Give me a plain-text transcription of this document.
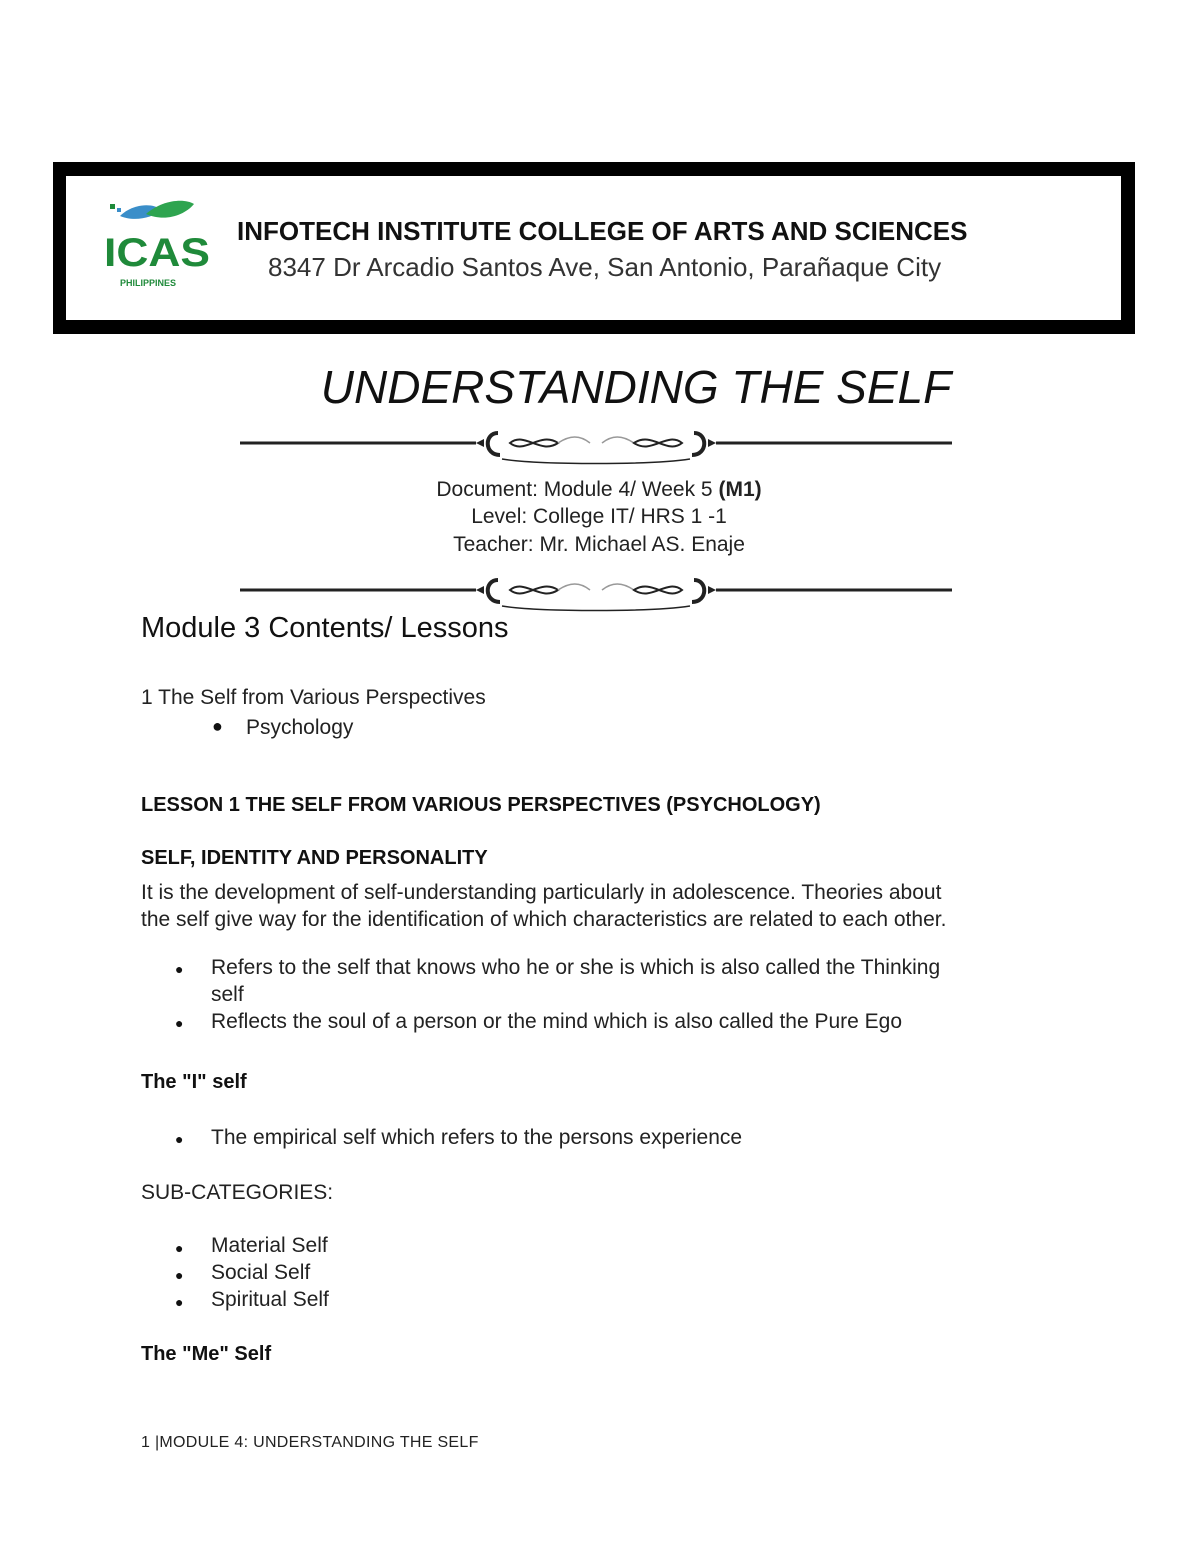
ICAS
PHILIPPINES
INFOTECH INSTITUTE COLLEGE OF ARTS AND SCIENCES
8347 Dr Arcadio Santos Ave, San Antonio, Parañaque City
UNDERSTANDING THE SELF
Document: Module 4/ Week 5 (M1)
Level: College IT/ HRS 1 -1
Teacher: Mr. Michael AS. Enaje
Module 3 Contents/ Lessons
1 The Self from Various Perspectives
● Psychology
LESSON 1 THE SELF FROM VARIOUS PERSPECTIVES (PSYCHOLOGY)
SELF, IDENTITY AND PERSONALITY
It is the development of self-understanding particularly in adolescence. Theories about
the self give way for the identification of which characteristics are related to each other.
● Refers to the self that knows who he or she is which is also called the Thinking
self
● Reflects the soul of a person or the mind which is also called the Pure Ego
The "I" self
● The empirical self which refers to the persons experience
SUB-CATEGORIES:
● Material Self
● Social Self
● Spiritual Self
The "Me" Self
1 |MODULE 4: UNDERSTANDING THE SELF
